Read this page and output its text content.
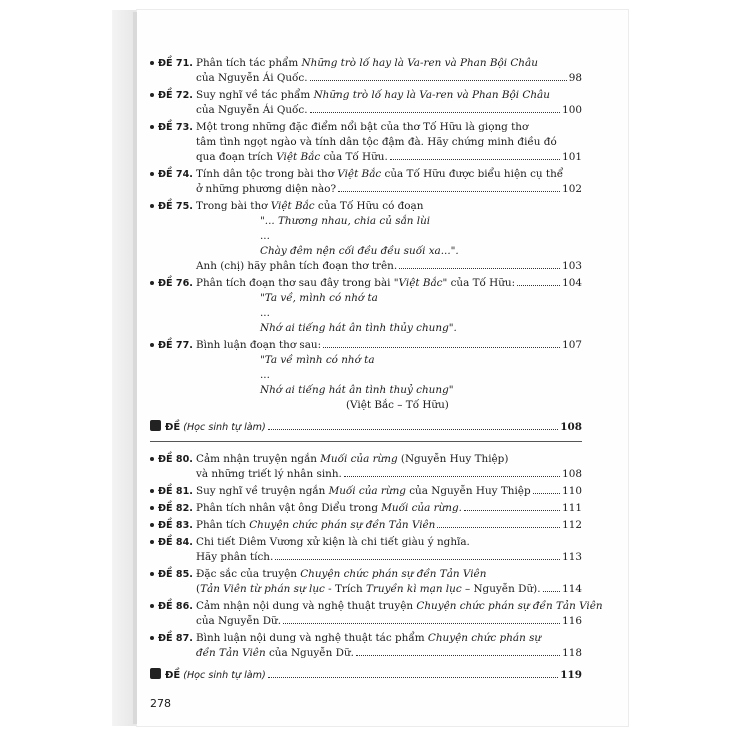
ĐỀ 71. Phân tích tác phẩm Những trò lố hay là Va-ren và Phan Bội Châu
của Nguyễn Ái Quốc.	98
ĐỀ 72. Suy nghĩ về tác phẩm Những trò lố hay là Va-ren và Phan Bội Châu
của Nguyễn Ái Quốc.	100
ĐỀ 73. Một trong những đặc điểm nổi bật của thơ Tố Hữu là giọng thơ
tâm tình ngọt ngào và tính dân tộc đậm đà. Hãy chứng minh điều đó
qua đoạn trích Việt Bắc của Tố Hữu.	101
ĐỀ 74. Tính dân tộc trong bài thơ Việt Bắc của Tố Hữu được biểu hiện cụ thể
ở những phương diện nào?	102
ĐỀ 75. Trong bài thơ Việt Bắc của Tố Hữu có đoạn
"... Thương nhau, chia củ sắn lùi
...
Chày đêm nện cối đều đều suối xa...".
Anh (chị) hãy phân tích đoạn thơ trên.	103
ĐỀ 76. Phân tích đoạn thơ sau đây trong bài "Việt Bắc" của Tố Hữu:	104
"Ta về, mình có nhớ ta
...
Nhớ ai tiếng hát ân tình thủy chung".
ĐỀ 77. Bình luận đoạn thơ sau:	107
"Ta về mình có nhớ ta
...
Nhớ ai tiếng hát ân tình thuỷ chung"
(Việt Bắc – Tố Hữu)
ĐỀ (Học sinh tự làm)	108
ĐỀ 80. Cảm nhận truyện ngắn Muối của rừng (Nguyễn Huy Thiệp)
và những triết lý nhân sinh.	108
ĐỀ 81. Suy nghĩ về truyện ngắn Muối của rừng của Nguyễn Huy Thiệp	110
ĐỀ 82. Phân tích nhân vật ông Diểu trong Muối của rừng.	111
ĐỀ 83. Phân tích Chuyện chức phán sự đền Tản Viên	112
ĐỀ 84. Chi tiết Diêm Vương xử kiện là chi tiết giàu ý nghĩa.
Hãy phân tích.	113
ĐỀ 85. Đặc sắc của truyện Chuyện chức phán sự đền Tản Viên
(Tản Viên từ phán sự lục - Trích Truyền kì mạn lục – Nguyễn Dữ). 114
ĐỀ 86. Cảm nhận nội dung và nghệ thuật truyện Chuyện chức phán sự đền Tản Viên
của Nguyễn Dữ.	116
ĐỀ 87. Bình luận nội dung và nghệ thuật tác phẩm Chuyện chức phán sự
đền Tản Viên của Nguyễn Dữ.	118
ĐỀ (Học sinh tự làm)	119
278
